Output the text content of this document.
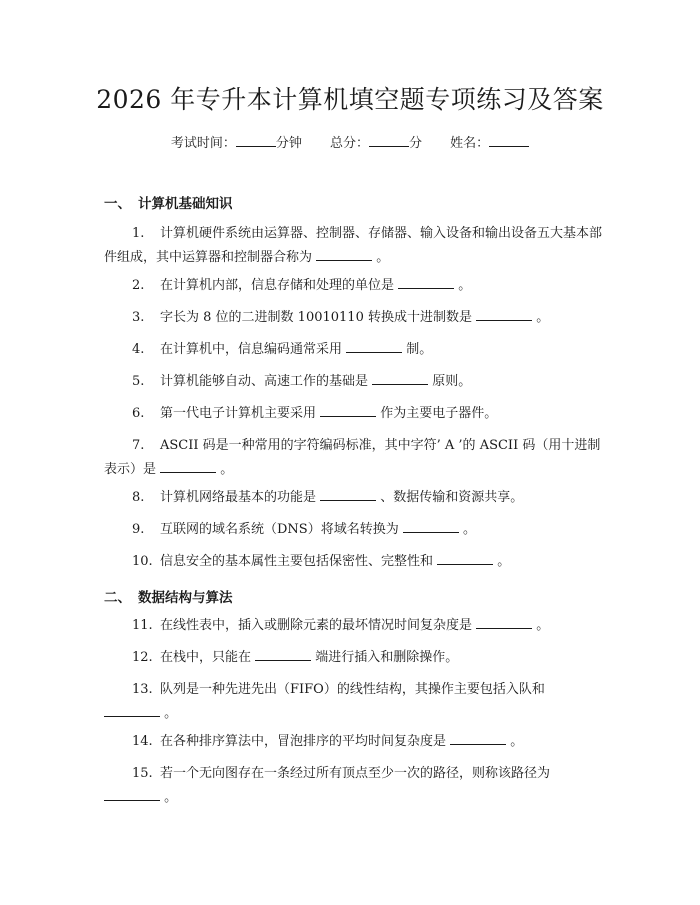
2026 年专升本计算机填空题专项练习及答案
考试时间：	分钟 总分：	分 姓名：
一、 计算机基础知识
1. 计算机硬件系统由运算器、控制器、存储器、输入设备和输出设备五大基本部件组成，其中运算器和控制器合称为	。
2. 在计算机内部，信息存储和处理的单位是	。
3. 字长为 8 位的二进制数 10010110 转换成十进制数是	。
4. 在计算机中，信息编码通常采用	制。
5. 计算机能够自动、高速工作的基础是	原则。
6. 第一代电子计算机主要采用	作为主要电子器件。
7. ASCII 码是一种常用的字符编码标准，其中字符’ A ’的 ASCII 码（用十进制表示）是	。
8. 计算机网络最基本的功能是	、数据传输和资源共享。
9. 互联网的域名系统（DNS）将域名转换为	。
10. 信息安全的基本属性主要包括保密性、完整性和	。
二、 数据结构与算法
11. 在线性表中，插入或删除元素的最坏情况时间复杂度是	。
12. 在栈中，只能在	端进行插入和删除操作。
13. 队列是一种先进先出（FIFO）的线性结构，其操作主要包括入队和  。
14. 在各种排序算法中，冒泡排序的平均时间复杂度是	。
15. 若一个无向图存在一条经过所有顶点至少一次的路径，则称该路径为  。
